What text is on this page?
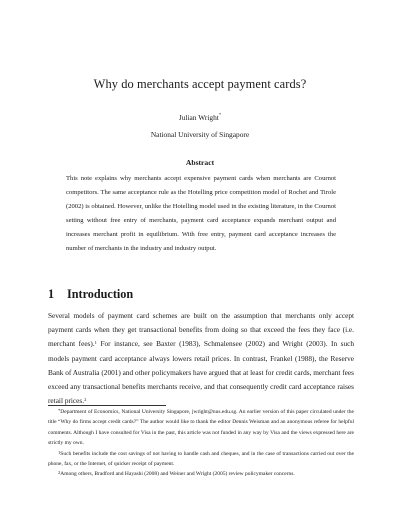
Why do merchants accept payment cards?
Julian Wright*
National University of Singapore
Abstract
This note explains why merchants accept expensive payment cards when merchants are Cournot competitors. The same acceptance rule as the Hotelling price competition model of Rochet and Tirole (2002) is obtained. However, unlike the Hotelling model used in the existing literature, in the Cournot setting without free entry of merchants, payment card acceptance expands merchant output and increases merchant profit in equilibrium. With free entry, payment card acceptance increases the number of merchants in the industry and industry output.
1 Introduction
Several models of payment card schemes are built on the assumption that merchants only accept payment cards when they get transactional benefits from doing so that exceed the fees they face (i.e. merchant fees).$^1$ For instance, see Baxter (1983), Schmalensee (2002) and Wright (2003). In such models payment card acceptance always lowers retail prices. In contrast, Frankel (1988), the Reserve Bank of Australia (2001) and other policymakers have argued that at least for credit cards, merchant fees exceed any transactional benefits merchants receive, and that consequently credit card acceptance raises retail prices.$^2$

*Department of Economics, National University Singapore, jwright@nus.edu.sg. An earlier version of this paper circulated under the title “Why do firms accept credit cards?” The author would like to thank the editor Dennis Weisman and an anonymous referee for helpful comments. Although I have consulted for Visa in the past, this article was not funded in any way by Visa and the views expressed here are strictly my own.

$^1$Such benefits include the cost savings of not having to handle cash and cheques, and in the case of transactions carried out over the phone, fax, or the Internet, of quicker receipt of payment.

$^2$Among others, Bradford and Hayashi (2008) and Weiner and Wright (2005) review policymaker concerns.
